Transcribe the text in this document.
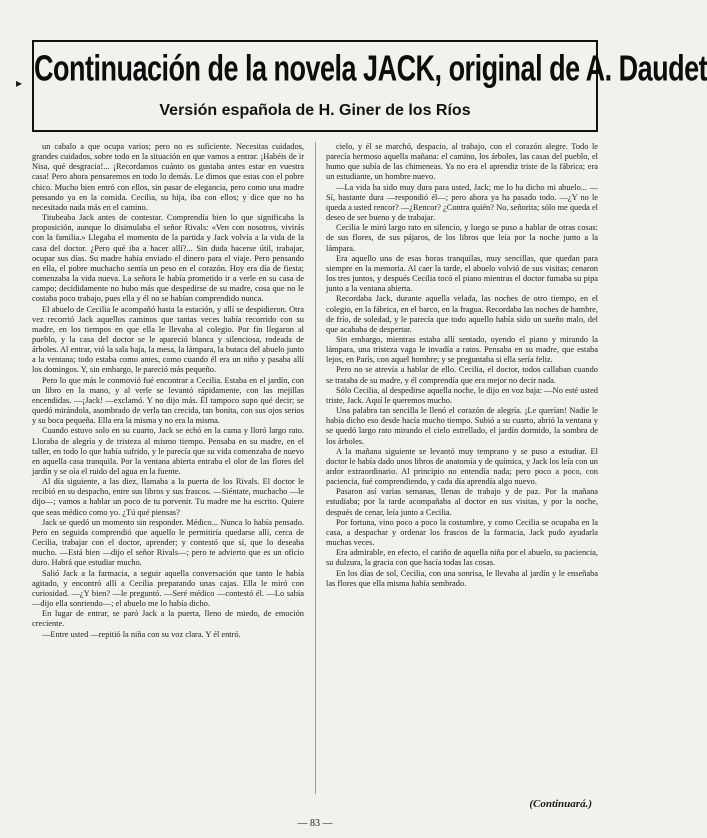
▸ Continuación de la novela JACK, original de A. Daudet
Versión española de H. Giner de los Ríos

un cabalo a que ocupa varios; pero no es suficiente. Necesitas cuidados, grandes cuidados, sobre todo en la situación en que vamos a entrar. ¡Habéis de ir Nisa, qué desgracia!... ¡Recordamos cuánto os gustaba antes estar en vuestra casa! Pero ahora pensaremos en todo lo demás. Le dimos que estas con el pobre chico. Mucho bien entró con ellos, sin pasar de elegancia, pero como una madre pensando ya en la comida. Cecilia, su hija, iba con ellos; y dice que no ha necesitado nada más en el camino.

Titubeaba Jack antes de contestar. Comprendía bien lo que significaba la proposición, aunque lo disimulaba el señor Rivals: «Ven con nosotros, vivirás con la familia.» Llegaba el momento de la partida y Jack volvía a la vida de la casa del doctor. ¿Pero qué iba a hacer allí?... Sin duda hacerse útil, trabajar, ocupar sus días. Su madre había enviado el dinero para el viaje. Pero pensando en ella, el pobre muchacho sentía un peso en el corazón. Hoy era día de fiesta; comenzaba la vida nueva. La señora le había prometido ir a verle en su casa de campo; decididamente no hubo más que despedirse de su madre, cosa que no le costaba poco trabajo, pues ella y él no se habían comprendido nunca.

El abuelo de Cecilia le acompañó hasta la estación, y allí se despidieron. Otra vez recorrió Jack aquellos caminos que tantas veces había recorrido con su madre, en los tiempos en que ella le llevaba al colegio. Por fin llegaron al pueblo, y la casa del doctor se le apareció blanca y silenciosa, rodeada de árboles. Al entrar, vió la sala baja, la mesa, la lámpara, la butaca del abuelo junto a la ventana; todo estaba como antes, como cuando él era un niño y pasaba allí los domingos. Y, sin embargo, le pareció más pequeño.

Pero lo que más le conmovió fué encontrar a Cecilia. Estaba en el jardín, con un libro en la mano, y al verle se levantó rápidamente, con las mejillas encendidas. —¡Jack! —exclamó. Y no dijo más. Él tampoco supo qué decir; se quedó mirándola, asombrado de verla tan crecida, tan bonita, con sus ojos serios y su boca pequeña. Ella era la misma y no era la misma.

Cuando estuvo solo en su cuarto, Jack se echó en la cama y lloró largo rato. Lloraba de alegría y de tristeza al mismo tiempo. Pensaba en su madre, en el taller, en todo lo que había sufrido, y le parecía que su vida comenzaba de nuevo en aquella casa tranquila. Por la ventana abierta entraba el olor de las flores del jardín y se oía el ruido del agua en la fuente.

Al día siguiente, a las diez, llamaba a la puerta de los Rivals. El doctor le recibió en su despacho, entre sus libros y sus frascos. —Siéntate, muchacho —le dijo—; vamos a hablar un poco de tu porvenir. Tu madre me ha escrito. Quiere que seas médico como yo. ¿Tú qué piensas?

Jack se quedó un momento sin responder. Médico... Nunca lo había pensado. Pero en seguida comprendió que aquello le permitiría quedarse allí, cerca de Cecilia, trabajar con el doctor, aprender; y contestó que sí, que lo deseaba mucho. —Está bien —dijo el señor Rivals—; pero te advierto que es un oficio duro. Habrá que estudiar mucho.

Salió Jack a la farmacia, a seguir aquella conversación que tanto le había agitado, y encontró allí a Cecilia preparando unas cajas. Ella le miró con curiosidad. —¿Y bien? —le preguntó. —Seré médico —contestó él. —Lo sabía —dijo ella sonriendo—; el abuelo me lo había dicho.

En lugar de entrar, se paró Jack a la puerta, lleno de miedo, de emoción creciente.

—Entre usted —repitió la niña con su voz clara. Y él entró.

cielo, y él se marchó, despacio, al trabajo, con el corazón alegre. Todo le parecía hermoso aquella mañana: el camino, los árboles, las casas del pueblo, el humo que subía de las chimeneas. Ya no era el aprendiz triste de la fábrica; era un estudiante, un hombre nuevo.

—La vida ha sido muy dura para usted, Jack; me lo ha dicho mi abuelo... —Sí, bastante dura —respondió él—; pero ahora ya ha pasado todo. —¿Y no le queda a usted rencor? —¿Rencor? ¿Contra quién? No, señorita; sólo me queda el deseo de ser bueno y de trabajar.

Cecilia le miró largo rato en silencio, y luego se puso a hablar de otras cosas: de sus flores, de sus pájaros, de los libros que leía por la noche junto a la lámpara.

Era aquello una de esas horas tranquilas, muy sencillas, que quedan para siempre en la memoria. Al caer la tarde, el abuelo volvió de sus visitas; cenaron los tres juntos, y después Cecilia tocó el piano mientras el doctor fumaba su pipa junto a la ventana abierta.

Recordaba Jack, durante aquella velada, las noches de otro tiempo, en el colegio, en la fábrica, en el barco, en la fragua. Recordaba las noches de hambre, de frío, de soledad, y le parecía que todo aquello había sido un sueño malo, del que acababa de despertar.

Sin embargo, mientras estaba allí sentado, oyendo el piano y mirando la lámpara, una tristeza vaga le invadía a ratos. Pensaba en su madre, que estaba lejos, en París, con aquel hombre; y se preguntaba si ella sería feliz.

Pero no se atrevía a hablar de ello. Cecilia, el doctor, todos callaban cuando se trataba de su madre, y él comprendía que era mejor no decir nada.

Sólo Cecilia, al despedirse aquella noche, le dijo en voz baja: —No esté usted triste, Jack. Aquí le queremos mucho.

Una palabra tan sencilla le llenó el corazón de alegría. ¡Le querían! Nadie le había dicho eso desde hacía mucho tiempo. Subió a su cuarto, abrió la ventana y se quedó largo rato mirando el cielo estrellado, el jardín dormido, la sombra de los árboles.

A la mañana siguiente se levantó muy temprano y se puso a estudiar. El doctor le había dado unos libros de anatomía y de química, y Jack los leía con un ardor extraordinario. Al principio no entendía nada; pero poco a poco, con paciencia, fué comprendiendo, y cada día aprendía algo nuevo.

Pasaron así varias semanas, llenas de trabajo y de paz. Por la mañana estudiaba; por la tarde acompañaba al doctor en sus visitas, y por la noche, después de cenar, leía junto a Cecilia.

Por fortuna, vino poco a poco la costumbre, y como Cecilia se ocupaba en la casa, a despachar y ordenar los frascos de la farmacia, Jack pudo ayudarla muchas veces.

Era admirable, en efecto, el cariño de aquella niña por el abuelo, su paciencia, su dulzura, la gracia con que hacía todas las cosas.

En los días de sol, Cecilia, con una sonrisa, le llevaba al jardín y le enseñaba las flores que ella misma había sembrado.

(Continuará.)
— 83 —
